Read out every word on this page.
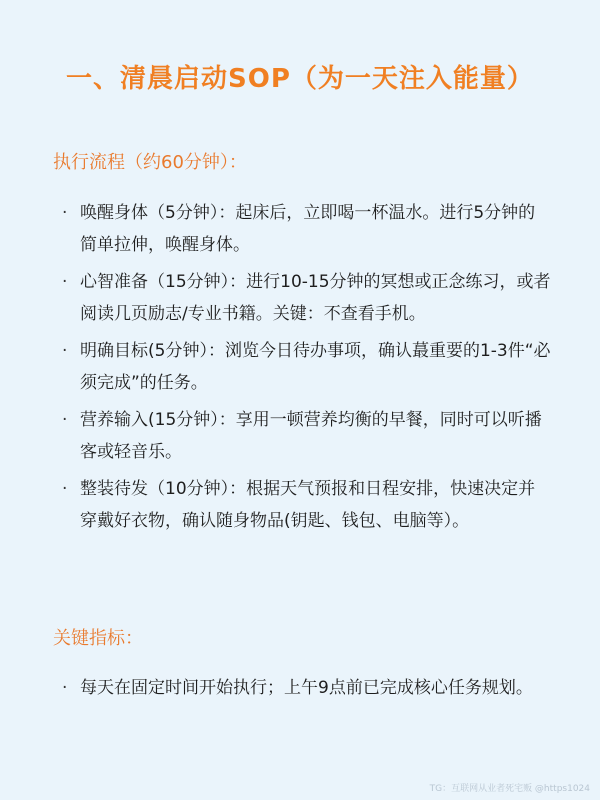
一、清晨启动SOP（为一天注入能量）
执行流程（约60分钟）：
· 唤醒身体（5分钟）：起床后，立即喝一杯温水。进行5分钟的简单拉伸，唤醒身体。
· 心智准备（15分钟）：进行10-15分钟的冥想或正念练习，或者阅读几页励志/专业书籍。关键：不查看手机。
· 明确目标(5分钟）：浏览今日待办事项，确认蕞重要的1-3件“必须完成”的任务。
· 营养输入(15分钟）：享用一顿营养均衡的早餐，同时可以听播客或轻音乐。
· 整装待发（10分钟）：根据天气预报和日程安排，快速决定并穿戴好衣物，确认随身物品(钥匙、钱包、电脑等）。
关键指标：
· 每天在固定时间开始执行；上午9点前已完成核心任务规划。
TG：互联网从业者死宅贩 @https1024
